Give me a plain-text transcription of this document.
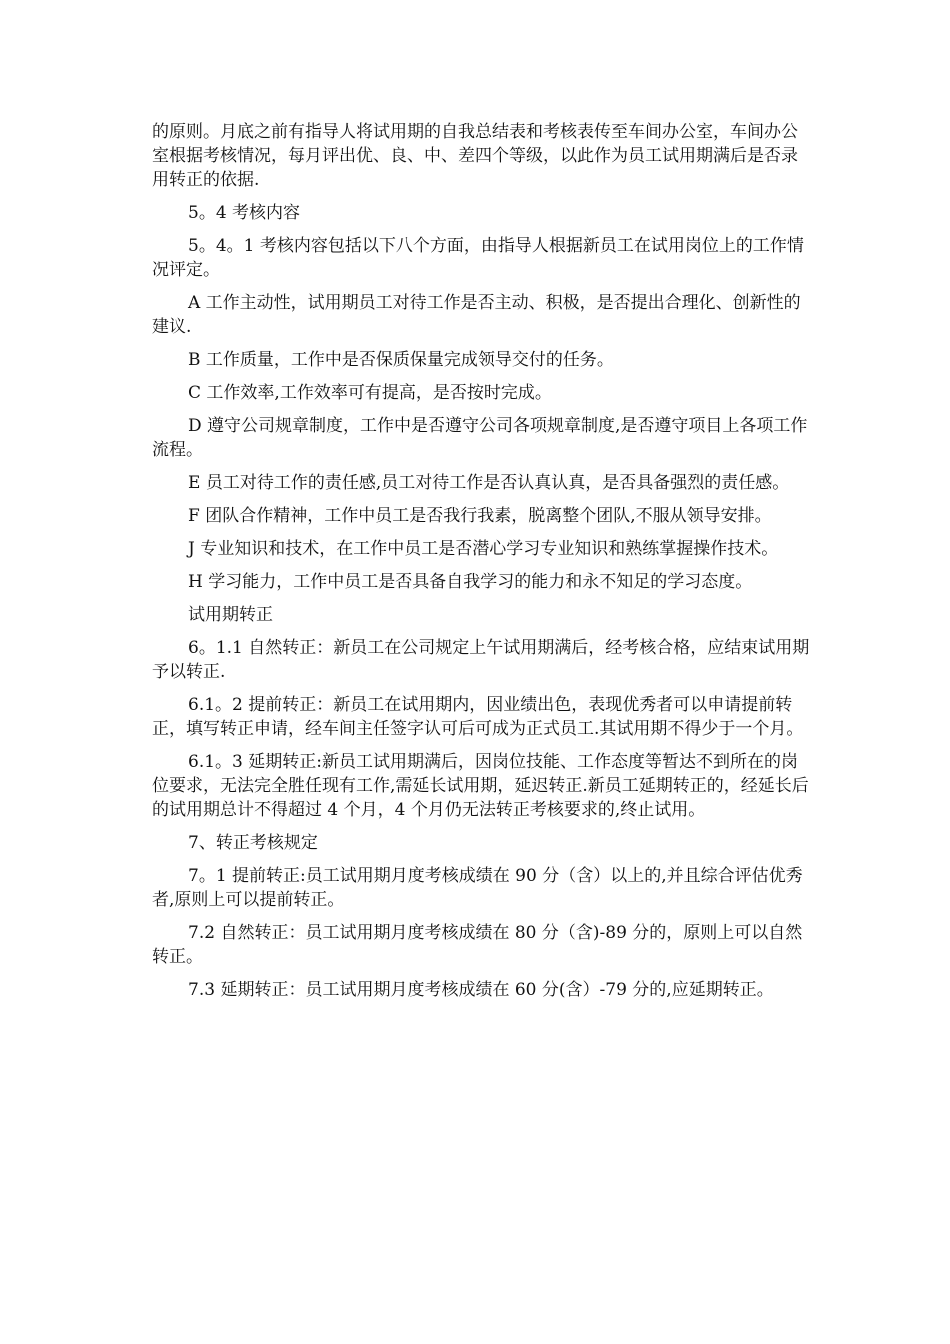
的原则。月底之前有指导人将试用期的自我总结表和考核表传至车间办公室，车间办公室根据考核情况，每月评出优、良、中、差四个等级，以此作为员工试用期满后是否录用转正的依据.

5。4 考核内容

5。4。1 考核内容包括以下八个方面，由指导人根据新员工在试用岗位上的工作情况评定。

A 工作主动性，试用期员工对待工作是否主动、积极，是否提出合理化、创新性的建议.

B 工作质量，工作中是否保质保量完成领导交付的任务。

C 工作效率,工作效率可有提高，是否按时完成。

D 遵守公司规章制度，工作中是否遵守公司各项规章制度,是否遵守项目上各项工作流程。

E 员工对待工作的责任感,员工对待工作是否认真认真，是否具备强烈的责任感。

F 团队合作精神，工作中员工是否我行我素，脱离整个团队,不服从领导安排。

J 专业知识和技术，在工作中员工是否潜心学习专业知识和熟练掌握操作技术。

H 学习能力，工作中员工是否具备自我学习的能力和永不知足的学习态度。

试用期转正

6。1.1 自然转正：新员工在公司规定上午试用期满后，经考核合格，应结束试用期予以转正.

6.1。2 提前转正：新员工在试用期内，因业绩出色，表现优秀者可以申请提前转正，填写转正申请，经车间主任签字认可后可成为正式员工.其试用期不得少于一个月。

6.1。3 延期转正:新员工试用期满后，因岗位技能、工作态度等暂达不到所在的岗位要求，无法完全胜任现有工作,需延长试用期，延迟转正.新员工延期转正的，经延长后的试用期总计不得超过 4 个月，4 个月仍无法转正考核要求的,终止试用。

7、转正考核规定

7。1 提前转正:员工试用期月度考核成绩在 90 分（含）以上的,并且综合评估优秀者,原则上可以提前转正。

7.2 自然转正：员工试用期月度考核成绩在 80 分（含)-89 分的，原则上可以自然转正。

7.3 延期转正：员工试用期月度考核成绩在 60 分(含）-79 分的,应延期转正。
